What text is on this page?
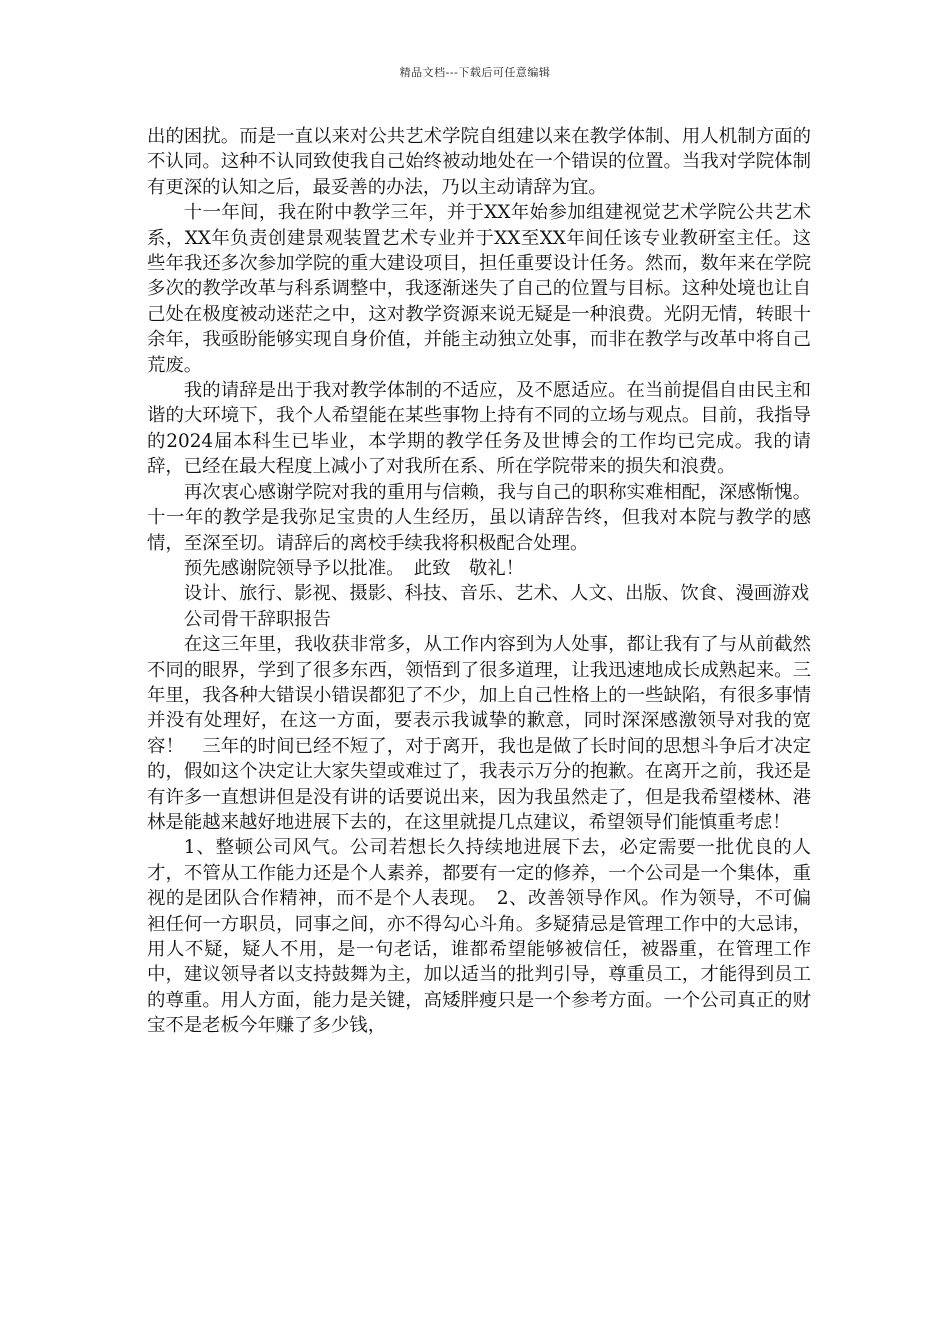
精品文档---下载后可任意编辑

出的困扰。而是一直以来对公共艺术学院自组建以来在教学体制、用人机制方面的不认同。这种不认同致使我自己始终被动地处在一个错误的位置。当我对学院体制有更深的认知之后，最妥善的办法，乃以主动请辞为宜。

十一年间，我在附中教学三年，并于XX年始参加组建视觉艺术学院公共艺术系，XX年负责创建景观装置艺术专业并于XX至XX年间任该专业教研室主任。这些年我还多次参加学院的重大建设项目，担任重要设计任务。然而，数年来在学院多次的教学改革与科系调整中，我逐渐迷失了自己的位置与目标。这种处境也让自己处在极度被动迷茫之中，这对教学资源来说无疑是一种浪费。光阴无情，转眼十余年，我亟盼能够实现自身价值，并能主动独立处事，而非在教学与改革中将自己荒废。

我的请辞是出于我对教学体制的不适应，及不愿适应。在当前提倡自由民主和谐的大环境下，我个人希望能在某些事物上持有不同的立场与观点。目前，我指导的2024届本科生已毕业，本学期的教学任务及世博会的工作均已完成。我的请辞，已经在最大程度上减小了对我所在系、所在学院带来的损失和浪费。

再次衷心感谢学院对我的重用与信赖，我与自己的职称实难相配，深感惭愧。十一年的教学是我弥足宝贵的人生经历，虽以请辞告终，但我对本院与教学的感情，至深至切。请辞后的离校手续我将积极配合处理。

预先感谢院领导予以批准。　此致　敬礼！

设计、旅行、影视、摄影、科技、音乐、艺术、人文、出版、饮食、漫画游戏

公司骨干辞职报告

在这三年里，我收获非常多，从工作内容到为人处事，都让我有了与从前截然不同的眼界，学到了很多东西，领悟到了很多道理，让我迅速地成长成熟起来。三年里，我各种大错误小错误都犯了不少，加上自己性格上的一些缺陷，有很多事情并没有处理好，在这一方面，要表示我诚挚的歉意，同时深深感激领导对我的宽容！　三年的时间已经不短了，对于离开，我也是做了长时间的思想斗争后才决定的，假如这个决定让大家失望或难过了，我表示万分的抱歉。在离开之前，我还是有许多一直想讲但是没有讲的话要说出来，因为我虽然走了，但是我希望楼林、港林是能越来越好地进展下去的，在这里就提几点建议，希望领导们能慎重考虑！

1、整顿公司风气。公司若想长久持续地进展下去，必定需要一批优良的人才，不管从工作能力还是个人素养，都要有一定的修养，一个公司是一个集体，重视的是团队合作精神，而不是个人表现。　2、改善领导作风。作为领导，不可偏袒任何一方职员，同事之间，亦不得勾心斗角。多疑猜忌是管理工作中的大忌讳，用人不疑，疑人不用，是一句老话，谁都希望能够被信任，被器重，在管理工作中，建议领导者以支持鼓舞为主，加以适当的批判引导，尊重员工，才能得到员工的尊重。用人方面，能力是关键，高矮胖瘦只是一个参考方面。一个公司真正的财宝不是老板今年赚了多少钱，
